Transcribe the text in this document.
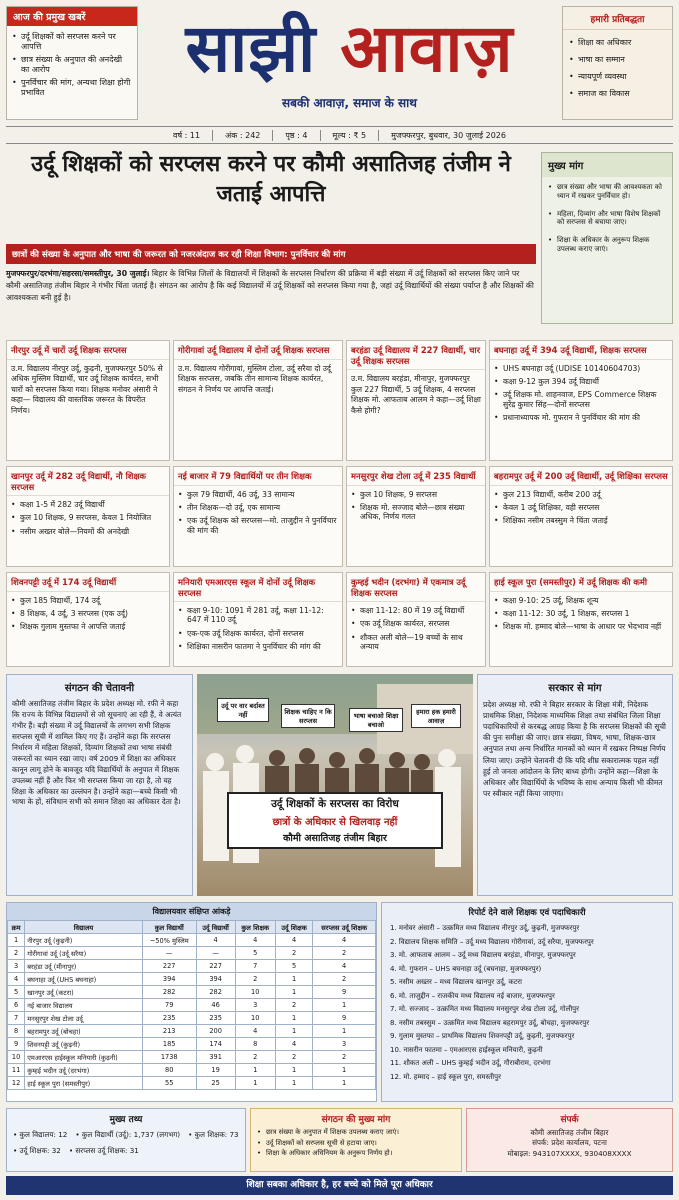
आज की प्रमुख खबरें
• उर्दू शिक्षकों को सरप्लस करने पर आपत्ति
• छात्र संख्या के अनुपात की अनदेखी का आरोप
• पुनर्विचार की मांग, अन्यथा शिक्षा होगी प्रभावित
साझी आवाज़
सबकी आवाज़, समाज के साथ
हमारी प्रतिबद्धता
• शिक्षा का अधिकार
• भाषा का सम्मान
• न्यायपूर्ण व्यवस्था
• समाज का विकास
वर्ष : 11	अंक : 242	पृष्ठ : 4	मूल्य : ₹ 5	मुजफ्फरपुर, बुधवार, 30 जुलाई 2026
उर्दू शिक्षकों को सरप्लस करने पर कौमी असातिजह तंजीम ने
जताई आपत्ति
छात्रों की संख्या के अनुपात और भाषा की जरूरत को नजरअंदाज कर रही शिक्षा विभाग: पुनर्विचार की मांग
मुजफ्फरपुर/दरभंगा/सहरसा/समस्तीपुर, 30 जुलाई। बिहार के विभिन्न जिलों के विद्यालयों में शिक्षकों के सरप्लस निर्धारण की प्रक्रिया में बड़ी संख्या में उर्दू शिक्षकों को सरप्लस किए जाने पर कौमी असातिजह तंजीम बिहार ने गंभीर चिंता जताई है। संगठन का आरोप है कि कई विद्यालयों में उर्दू शिक्षकों को सरप्लस किया गया है, जहां उर्दू विद्यार्थियों की संख्या पर्याप्त है और शिक्षकों की आवश्यकता बनी हुई है।
मुख्य मांग
• छात्र संख्या और भाषा की आवश्यकता को ध्यान में रखकर पुनर्विचार हो।
• महिला, दिव्यांग और भाषा विशेष शिक्षकों को सरप्लस से बचाया जाए।
• शिक्षा के अधिकार के अनुरूप शिक्षक उपलब्ध कराए जाएं।
नीरपुर उर्दू में चारों उर्दू शिक्षक सरप्लस
उ.म. विद्यालय नीरपुर उर्दू, कुढ़नी, मुजफ्फरपुर 50% से अधिक मुस्लिम विद्यार्थी, चार उर्दू शिक्षक कार्यरत, सभी चारों को सरप्लस किया गया। शिक्षक मनोवर अंसारी ने कहा— विद्यालय की वास्तविक जरूरत के विपरीत निर्णय।
गोरीगावां उर्दू विद्यालय में दोनों उर्दू शिक्षक सरप्लस
उ.म. विद्यालय गोरीगावां, मुस्लिम टोला, उर्दू सरैया दो उर्दू शिक्षक सरप्लस, जबकि तीन सामान्य शिक्षक कार्यरत, संगठन ने निर्णय पर आपत्ति जताई।
बरहंडा उर्दू विद्यालय में 227 विद्यार्थी, चार उर्दू शिक्षक सरप्लस
उ.म. विद्यालय बरहंडा, मीनापुर, मुजफ्फरपुर कुल 227 विद्यार्थी, 5 उर्दू शिक्षक, 4 सरप्लस शिक्षक मो. आफताब आलम ने कहा—उर्दू शिक्षा कैसे होगी?
बघनाहा उर्दू में 394 उर्दू विद्यार्थी, शिक्षक सरप्लस
• UHS बघनाहा उर्दू (UDISE 10140604703)
• कक्षा 9-12 कुल 394 उर्दू विद्यार्थी
• उर्दू शिक्षक मो. शाहनवाज, EPS Commerce शिक्षक सुरेंद्र कुमार सिंह—दोनों सरप्लस
• प्रधानाध्यापक मो. गुफरान ने पुनर्विचार की मांग की
खानपुर उर्दू में 282 उर्दू विद्यार्थी, नौ शिक्षक सरप्लस
• कक्षा 1-5 में 282 उर्दू विद्यार्थी
• कुल 10 शिक्षक, 9 सरप्लस, केवल 1 नियोजित
• नसीम अख्तर बोले—नियमों की अनदेखी
नई बाजार में 79 विद्यार्थियों पर तीन शिक्षक
• कुल 79 विद्यार्थी, 46 उर्दू, 33 सामान्य
• तीन शिक्षक—दो उर्दू, एक सामान्य
• एक उर्दू शिक्षक को सरप्लस—मो. ताजुद्दीन ने पुनर्विचार की मांग की
मनसुरपुर शेख टोला उर्दू में 235 विद्यार्थी
• कुल 10 शिक्षक, 9 सरप्लस
• शिक्षक मो. सज्जाद बोले—छात्र संख्या अधिक, निर्णय गलत
बहरामपुर उर्दू में 200 उर्दू विद्यार्थी, उर्दू शिक्षिका सरप्लस
• कुल 213 विद्यार्थी, करीब 200 उर्दू
• केवल 1 उर्दू शिक्षिका, वही सरप्लस
• शिक्षिका नसीम तबस्सुम ने चिंता जताई
शिवनपट्टी उर्दू में 174 उर्दू विद्यार्थी
• कुल 185 विद्यार्थी, 174 उर्दू
• 8 शिक्षक, 4 उर्दू, 3 सरप्लस (एक उर्दू)
• शिक्षक गुलाम मुस्तफा ने आपत्ति जताई
मनियारी एमआरएस स्कूल में दोनों उर्दू शिक्षक सरप्लस
• कक्षा 9-10: 1091 में 281 उर्दू, कक्षा 11-12: 647 में 110 उर्दू
• एक-एक उर्दू शिक्षक कार्यरत, दोनों सरप्लस
• शिक्षिका नासरीन फातमा ने पुनर्विचार की मांग की
कुम्हई भदीन (दरभंगा) में एकमात्र उर्दू शिक्षक सरप्लस
• कक्षा 11-12: 80 में 19 उर्दू विद्यार्थी
• एक उर्दू शिक्षक कार्यरत, सरप्लस
• शौकत अली बोले—19 बच्चों के साथ अन्याय
हाई स्कूल पुरा (समस्तीपुर) में उर्दू शिक्षक की कमी
• कक्षा 9-10: 25 उर्दू, शिक्षक शून्य
• कक्षा 11-12: 30 उर्दू, 1 शिक्षक, सरप्लस 1
• शिक्षक मो. हम्माद बोले—भाषा के आधार पर भेदभाव नहीं
संगठन की चेतावनी
कौमी असातिजह तंजीम बिहार के प्रदेश अध्यक्ष मो. रफी ने कहा कि राज्य के विभिन्न विद्यालयों से जो सूचनाएं आ रही हैं, वे अत्यंत गंभीर हैं। बड़ी संख्या में उर्दू विद्यालयों के लगभग सभी शिक्षक सरप्लस सूची में शामिल किए गए हैं। उन्होंने कहा कि सरप्लस निर्धारण में महिला शिक्षकों, दिव्यांग शिक्षकों तथा भाषा संबंधी जरूरतों का ध्यान रखा जाए। वर्ष 2009 में शिक्षा का अधिकार कानून लागू होने के बावजूद यदि विद्यार्थियों के अनुपात में शिक्षक उपलब्ध नहीं हैं और फिर भी सरप्लस किया जा रहा है, तो यह शिक्षा के अधिकार का उल्लंघन है। उन्होंने कहा—बच्चे किसी भी भाषा के हों, संविधान सभी को समान शिक्षा का अधिकार देता है।
उर्दू पर वार बर्दाश्त नहीं	शिक्षक चाहिए न कि सरप्लस
भाषा बचाओ शिक्षा बचाओ
हमारा हक हमारी आवाज़
उर्दू शिक्षकों के सरप्लस का विरोध
छात्रों के अधिकार से खिलवाड़ नहीं
कौमी असातिजह तंजीम बिहार
सरकार से मांग
प्रदेश अध्यक्ष मो. रफी ने बिहार सरकार के शिक्षा मंत्री, निदेशक प्राथमिक शिक्षा, निदेशक माध्यमिक शिक्षा तथा संबंधित जिला शिक्षा पदाधिकारियों से करबद्ध आग्रह किया है कि सरप्लस शिक्षकों की सूची की पुनः समीक्षा की जाए। छात्र संख्या, विषय, भाषा, शिक्षक-छात्र अनुपात तथा अन्य निर्धारित मानकों को ध्यान में रखकर निष्पक्ष निर्णय लिया जाए। उन्होंने चेतावनी दी कि यदि शीघ्र सकारात्मक पहल नहीं हुई तो जनता आंदोलन के लिए बाध्य होगी। उन्होंने कहा—शिक्षा के अधिकार और विद्यार्थियों के भविष्य के साथ अन्याय किसी भी कीमत पर स्वीकार नहीं किया जाएगा।
विद्यालयवार संक्षिप्त आंकड़े
क्रम	विद्यालय	कुल विद्यार्थी	उर्दू विद्यार्थी	कुल शिक्षक	उर्दू शिक्षक	सरप्लस उर्दू शिक्षक
1	नीरपुर उर्दू (कुढ़नी)	~50% मुस्लिम	4	4	4	4
2	गोरीगावां उर्दू (उर्दू सरैया)	—	—	5	2	2
3	बरहंडा उर्दू (मीनापुर)	227	227	7	5	4
4	बघनाहा उर्दू (UHS बघनाहा)	394	394	2	1	2
5	खानपुर उर्दू (कटरा)	282	282	10	1	9
6	नई बाजार विद्यालय	79	46	3	2	1
7	मनसुरपुर शेख टोला उर्दू	235	235	10	1	9
8	बहरामपुर उर्दू (बोचहा)	213	200	4	1	1
9	शिवनपट्टी उर्दू (कुढ़नी)	185	174	8	4	3
10	एमआरएस हाईस्कूल मनियारी (कुढ़नी)	1738	391	2	2	2
11	कुम्हई भदीन उर्दू (दरभंगा)	80	19	1	1	1
12	हाई स्कूल पुरा (समस्तीपुर)	55	25	1	1	1
रिपोर्ट देने वाले शिक्षक एवं पदाधिकारी
1. मनोवर अंसारी – उत्क्रमित मध्य विद्यालय नीरपुर उर्दू, कुढ़नी, मुजफ्फरपुर
2. विद्यालय शिक्षक समिति – उर्दू मध्य विद्यालय गोरीगावां, उर्दू सरैया, मुजफ्फरपुर
3. मो. आफताब आलम – उर्दू मध्य विद्यालय बरहंडा, मीनापुर, मुजफ्फरपुर
4. मो. गुफरान – UHS बघनाहा उर्दू (बघनाहा, मुजफ्फरपुर)
5. नसीम अख्तर – मध्य विद्यालय खानपुर उर्दू, कटरा
6. मो. ताजुद्दीन – राजकीय मध्य विद्यालय नई बाजार, मुजफ्फरपुर
7. मो. सज्जाद – उत्क्रमित मध्य विद्यालय मनसुरपुर शेख टोला उर्दू, गोलीपुर
8. नसीम तबस्सुम – उत्क्रमित मध्य विद्यालय बहरामपुर उर्दू, बोचहा, मुजफ्फरपुर
9. गुलाम मुस्तफा – प्राथमिक विद्यालय शिवनपट्टी उर्दू, कुढ़नी, मुजफ्फरपुर
10. नासरीन फातमा – एमआरएस हाईस्कूल मनियारी, कुढ़नी
11. शौकत अली – UHS कुम्हई भदीन उर्दू, गौराबौराम, दरभंगा
12. मो. हम्माद – हाई स्कूल पुरा, समस्तीपुर
मुख्य तथ्य
• कुल विद्यालय: 12 • कुल विद्यार्थी (उर्दू): 1,737 (लगभग) • कुल शिक्षक: 73
• उर्दू शिक्षक: 32 • सरप्लस उर्दू शिक्षक: 31
संगठन की मुख्य मांग
• छात्र संख्या के अनुपात में शिक्षक उपलब्ध कराए जाएं।
• उर्दू शिक्षकों को सरप्लस सूची से हटाया जाए।
• शिक्षा के अधिकार अधिनियम के अनुरूप निर्णय हो।
संपर्क
कौमी असातिजह तंजीम बिहार
संपर्क: प्रदेश कार्यालय, पटना
मोबाइल: 943107XXXX, 930408XXXX
शिक्षा सबका अधिकार है, हर बच्चे को मिले पूरा अधिकार
